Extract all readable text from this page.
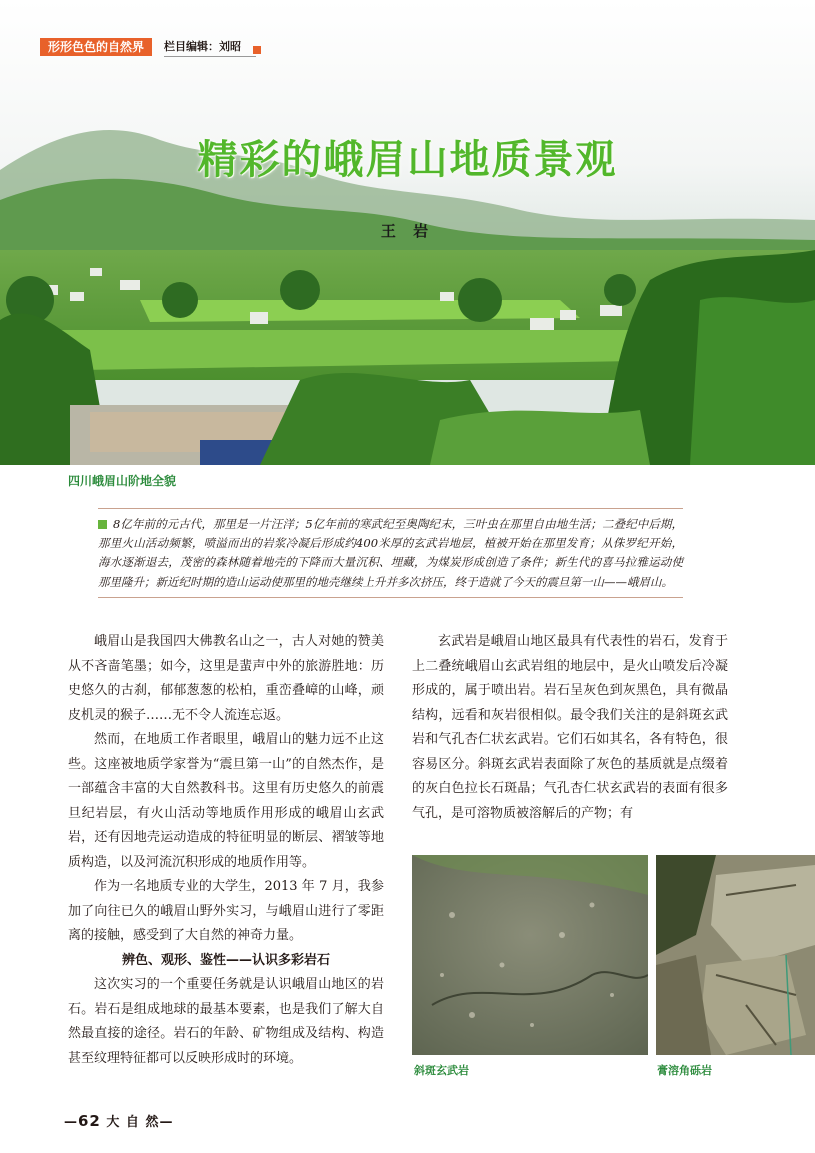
形形色色的自然界	栏目编辑：刘昭
精彩的峨眉山地质景观
王 岩
四川峨眉山阶地全貌
8亿年前的元古代，那里是一片汪洋；5亿年前的寒武纪至奥陶纪末，三叶虫在那里自由地生活；二叠纪中后期，那里火山活动频繁，喷溢而出的岩浆冷凝后形成约400米厚的玄武岩地层，植被开始在那里发育；从侏罗纪开始，海水逐渐退去，茂密的森林随着地壳的下降而大量沉积、埋藏，为煤炭形成创造了条件；新生代的喜马拉雅运动使那里隆升；新近纪时期的造山运动使那里的地壳继续上升并多次挤压，终于造就了今天的震旦第一山——峨眉山。

峨眉山是我国四大佛教名山之一，古人对她的赞美从不吝啬笔墨；如今，这里是蜚声中外的旅游胜地：历史悠久的古刹，郁郁葱葱的松柏，重峦叠嶂的山峰，顽皮机灵的猴子……无不令人流连忘返。

然而，在地质工作者眼里，峨眉山的魅力远不止这些。这座被地质学家誉为“震旦第一山”的自然杰作，是一部蕴含丰富的大自然教科书。这里有历史悠久的前震旦纪岩层，有火山活动等地质作用形成的峨眉山玄武岩，还有因地壳运动造成的特征明显的断层、褶皱等地质构造，以及河流沉积形成的地质作用等。

作为一名地质专业的大学生，2013 年 7 月，我参加了向往已久的峨眉山野外实习，与峨眉山进行了零距离的接触，感受到了大自然的神奇力量。

辨色、观形、鉴性——认识多彩岩石

这次实习的一个重要任务就是认识峨眉山地区的岩石。岩石是组成地球的最基本要素，也是我们了解大自然最直接的途径。岩石的年龄、矿物组成及结构、构造甚至纹理特征都可以反映形成时的环境。

玄武岩是峨眉山地区最具有代表性的岩石，发育于上二叠统峨眉山玄武岩组的地层中，是火山喷发后冷凝形成的，属于喷出岩。岩石呈灰色到灰黑色，具有微晶结构，远看和灰岩很相似。最令我们关注的是斜斑玄武岩和气孔杏仁状玄武岩。它们石如其名，各有特色，很容易区分。斜斑玄武岩表面除了灰色的基质就是点缀着的灰白色拉长石斑晶；气孔杏仁状玄武岩的表面有很多气孔，是可溶物质被溶解后的产物；有

斜斑玄武岩	膏溶角砾岩
—62 大 自 然—
